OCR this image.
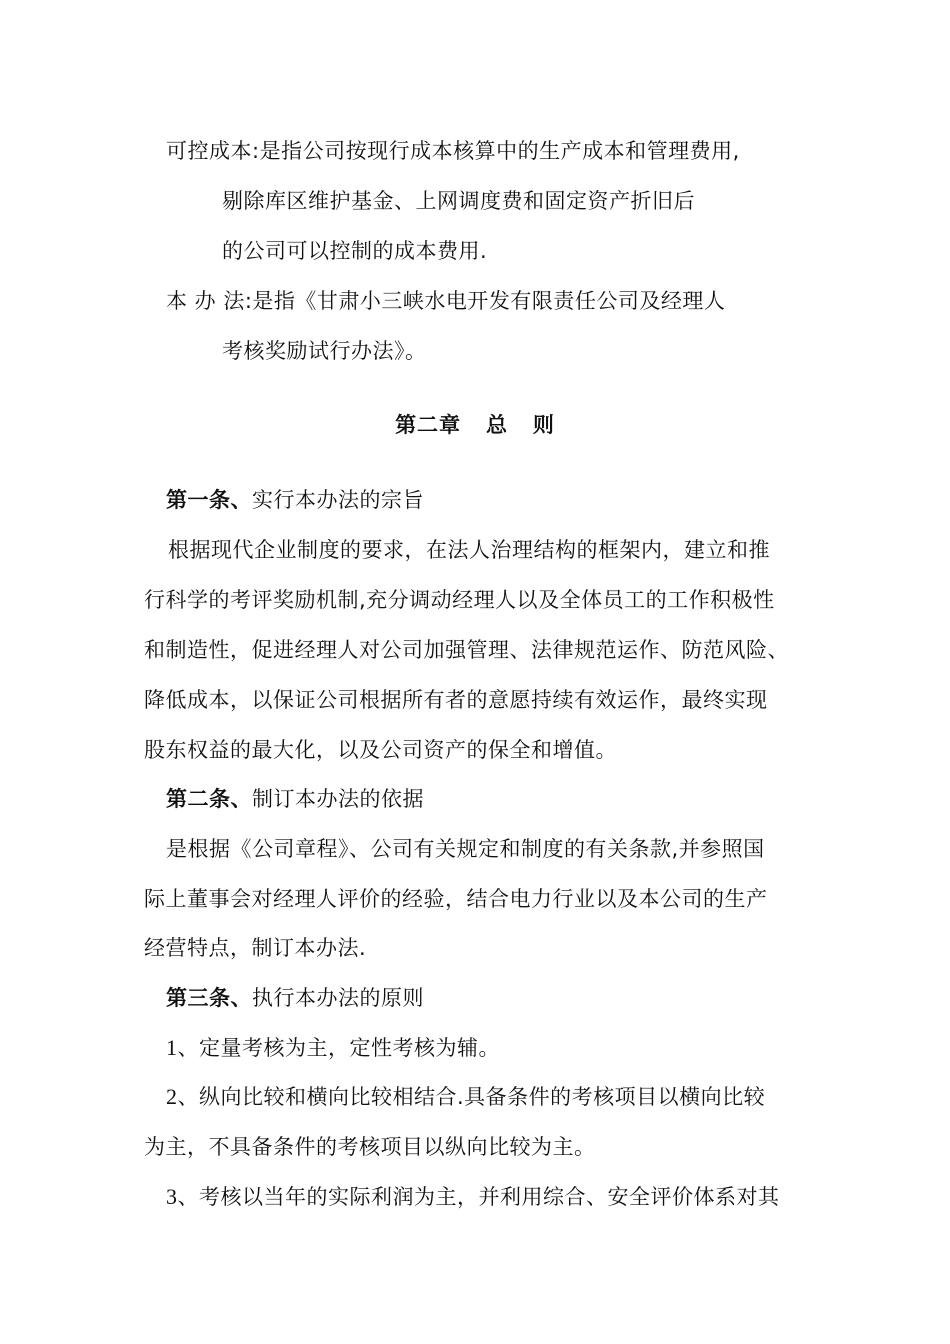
可控成本:是指公司按现行成本核算中的生产成本和管理费用,
剔除库区维护基金、上网调度费和固定资产折旧后
的公司可以控制的成本费用.
本 办 法:是指《甘肃小三峡水电开发有限责任公司及经理人
考核奖励试行办法》。
第二章   总   则
第一条、实行本办法的宗旨
根据现代企业制度的要求，在法人治理结构的框架内，建立和推
行科学的考评奖励机制,充分调动经理人以及全体员工的工作积极性
和制造性，促进经理人对公司加强管理、法律规范运作、防范风险、
降低成本，以保证公司根据所有者的意愿持续有效运作，最终实现
股东权益的最大化，以及公司资产的保全和增值。
第二条、制订本办法的依据
是根据《公司章程》、公司有关规定和制度的有关条款,并参照国
际上董事会对经理人评价的经验，结合电力行业以及本公司的生产
经营特点，制订本办法.
第三条、执行本办法的原则
1、定量考核为主，定性考核为辅。
2、纵向比较和横向比较相结合.具备条件的考核项目以横向比较
为主，不具备条件的考核项目以纵向比较为主。
3、考核以当年的实际利润为主，并利用综合、安全评价体系对其
